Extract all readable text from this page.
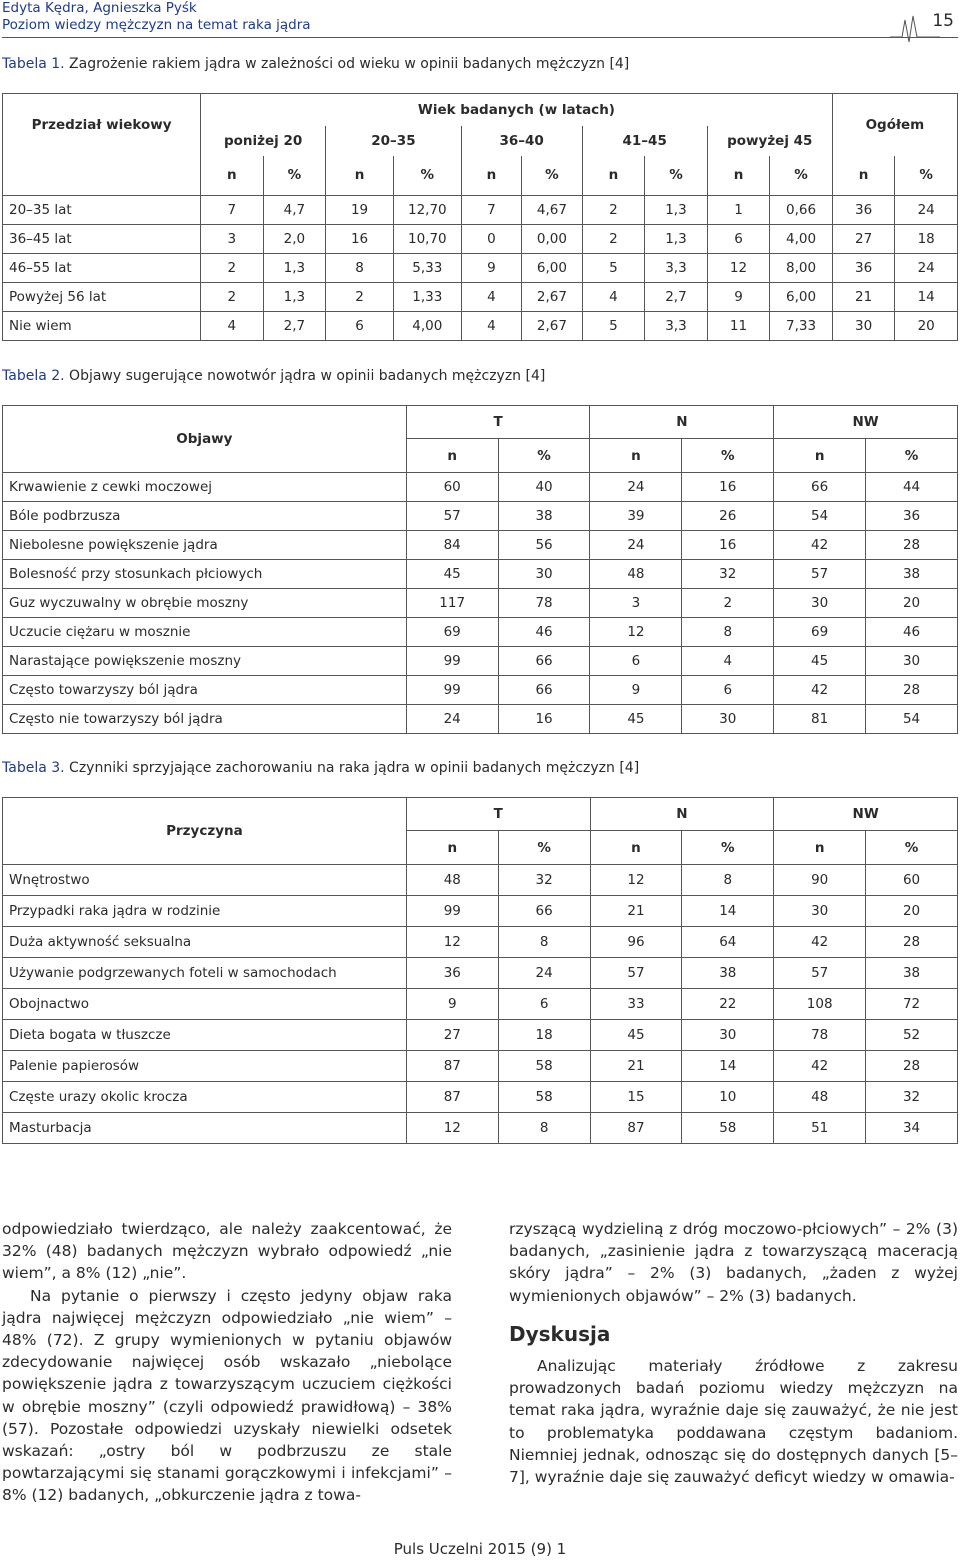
Edyta Kędra, Agnieszka Pyśk
Poziom wiedzy mężczyzn na temat raka jądra	15
Tabela 1. Zagrożenie rakiem jądra w zależności od wieku w opinii badanych mężczyzn [4]
Przedział wiekowy	Wiek badanych (w latach)										Ogółem	
	poniżej 20		20–35		36–40		41–45		powyżej 45			
	n	%	n	%	n	%	n	%	n	%	n	%
20–35 lat	7	4,7	19	12,70	7	4,67	2	1,3	1	0,66	36	24
36–45 lat	3	2,0	16	10,70	0	0,00	2	1,3	6	4,00	27	18
46–55 lat	2	1,3	8	5,33	9	6,00	5	3,3	12	8,00	36	24
Powyżej 56 lat	2	1,3	2	1,33	4	2,67	4	2,7	9	6,00	21	14
Nie wiem	4	2,7	6	4,00	4	2,67	5	3,3	11	7,33	30	20
Tabela 2. Objawy sugerujące nowotwór jądra w opinii badanych mężczyzn [4]
Objawy	T		N		NW	
	n	%	n	%	n	%
Krwawienie z cewki moczowej	60	40	24	16	66	44
Bóle podbrzusza	57	38	39	26	54	36
Niebolesne powiększenie jądra	84	56	24	16	42	28
Bolesność przy stosunkach płciowych	45	30	48	32	57	38
Guz wyczuwalny w obrębie moszny	117	78	3	2	30	20
Uczucie ciężaru w mosznie	69	46	12	8	69	46
Narastające powiększenie moszny	99	66	6	4	45	30
Często towarzyszy ból jądra	99	66	9	6	42	28
Często nie towarzyszy ból jądra	24	16	45	30	81	54
Tabela 3. Czynniki sprzyjające zachorowaniu na raka jądra w opinii badanych mężczyzn [4]
Przyczyna	T		N		NW	
	n	%	n	%	n	%
Wnętrostwo	48	32	12	8	90	60
Przypadki raka jądra w rodzinie	99	66	21	14	30	20
Duża aktywność seksualna	12	8	96	64	42	28
Używanie podgrzewanych foteli w samochodach	36	24	57	38	57	38
Obojnactwo	9	6	33	22	108	72
Dieta bogata w tłuszcze	27	18	45	30	78	52
Palenie papierosów	87	58	21	14	42	28
Częste urazy okolic krocza	87	58	15	10	48	32
Masturbacja	12	8	87	58	51	34

odpowiedziało twierdząco, ale należy zaakcentować, że 32% (48) badanych mężczyzn wybrało odpowiedź „nie wiem”, a 8% (12) „nie”.

Na pytanie o pierwszy i często jedyny objaw raka jądra najwięcej mężczyzn odpowiedziało „nie wiem” – 48% (72). Z grupy wymienionych w pytaniu objawów zdecydowanie najwięcej osób wskazało „niebolące powiększenie jądra z towarzyszącym uczuciem ciężkości w obrębie moszny” (czyli odpowiedź prawidłową) – 38% (57). Pozostałe odpowiedzi uzyskały niewielki odsetek wskazań: „ostry ból w podbrzuszu ze stale powtarzającymi się stanami gorączkowymi i infekcjami” – 8% (12) badanych, „obkurczenie jądra z towa-

rzyszącą wydzieliną z dróg moczowo-płciowych” – 2% (3) badanych, „zasinienie jądra z towarzyszącą maceracją skóry jądra” – 2% (3) badanych, „żaden z wyżej wymienionych objawów” – 2% (3) badanych.

Dyskusja

Analizując materiały źródłowe z zakresu prowadzonych badań poziomu wiedzy mężczyzn na temat raka jądra, wyraźnie daje się zauważyć, że nie jest to problematyka poddawana częstym badaniom. Niemniej jednak, odnosząc się do dostępnych danych [5–7], wyraźnie daje się zauważyć deficyt wiedzy w omawia-

Puls Uczelni 2015 (9) 1
